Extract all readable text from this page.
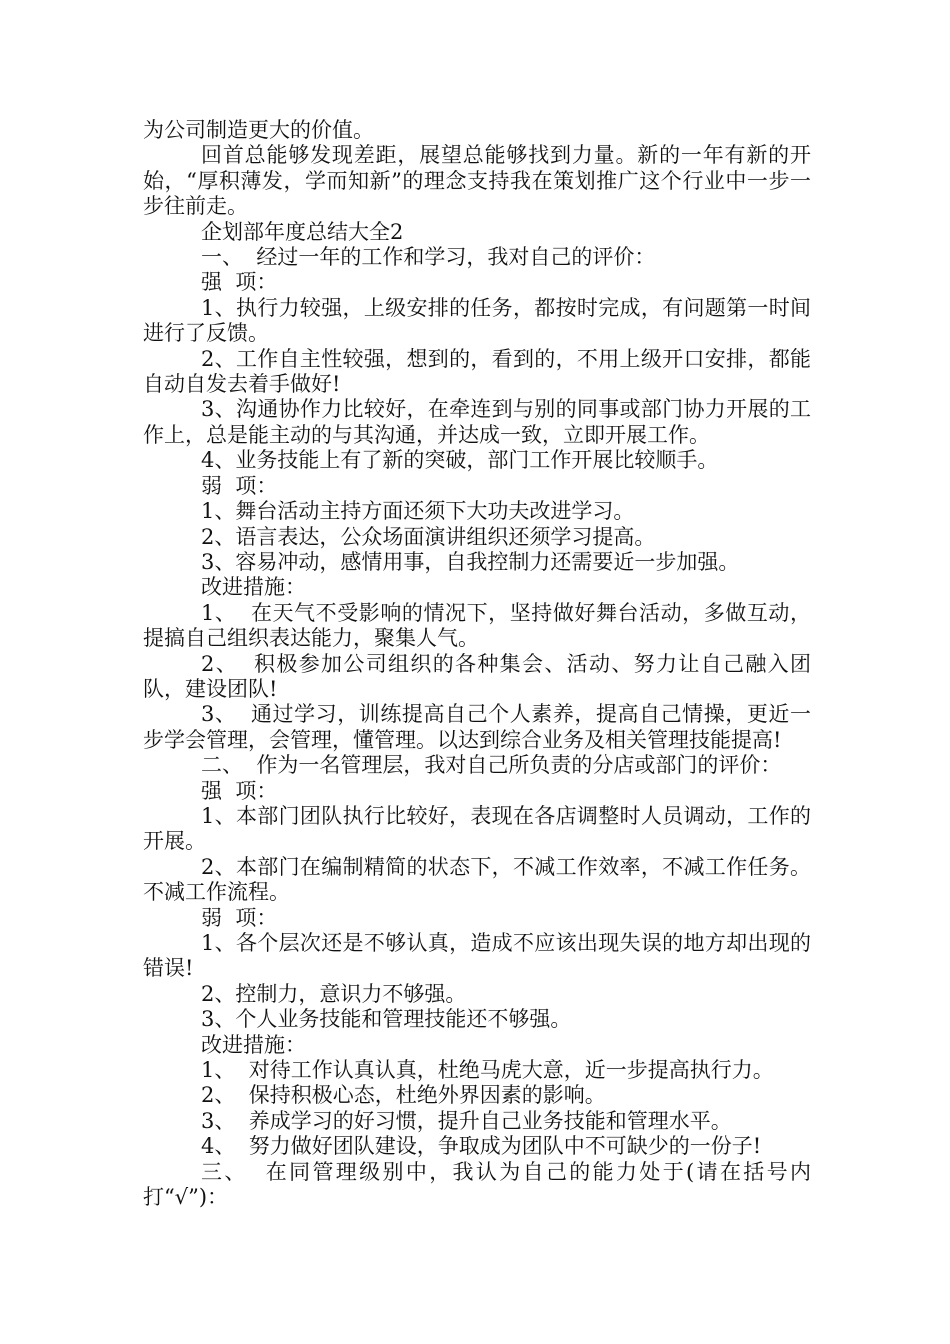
为公司制造更大的价值。

回首总能够发现差距，展望总能够找到力量。新的一年有新的开始，“厚积薄发，学而知新”的理念支持我在策划推广这个行业中一步一步往前走。

企划部年度总结大全2

一、  经过一年的工作和学习，我对自己的评价：

强  项：

1、执行力较强，上级安排的任务，都按时完成，有问题第一时间进行了反馈。

2、工作自主性较强，想到的，看到的，不用上级开口安排，都能自动自发去着手做好!

3、沟通协作力比较好，在牵连到与别的同事或部门协力开展的工作上，总是能主动的与其沟通，并达成一致，立即开展工作。

4、业务技能上有了新的突破，部门工作开展比较顺手。

弱  项：

1、舞台活动主持方面还须下大功夫改进学习。

2、语言表达，公众场面演讲组织还须学习提高。

3、容易冲动，感情用事，自我控制力还需要近一步加强。

改进措施：

1、  在天气不受影响的情况下，坚持做好舞台活动，多做互动，提搞自己组织表达能力，聚集人气。

2、  积极参加公司组织的各种集会、活动、努力让自己融入团队，建设团队!

3、  通过学习，训练提高自己个人素养，提高自己情操，更近一步学会管理，会管理，懂管理。以达到综合业务及相关管理技能提高!

二、  作为一名管理层，我对自己所负责的分店或部门的评价：

强  项：

1、本部门团队执行比较好，表现在各店调整时人员调动，工作的开展。

2、本部门在编制精简的状态下，不减工作效率，不减工作任务。不减工作流程。

弱  项：

1、各个层次还是不够认真，造成不应该出现失误的地方却出现的错误!

2、控制力，意识力不够强。

3、个人业务技能和管理技能还不够强。

改进措施：

1、  对待工作认真认真，杜绝马虎大意，近一步提高执行力。

2、  保持积极心态，杜绝外界因素的影响。

3、  养成学习的好习惯，提升自己业务技能和管理水平。

4、  努力做好团队建设，争取成为团队中不可缺少的一份子!

三、  在同管理级别中，我认为自己的能力处于(请在括号内打“√”)：
